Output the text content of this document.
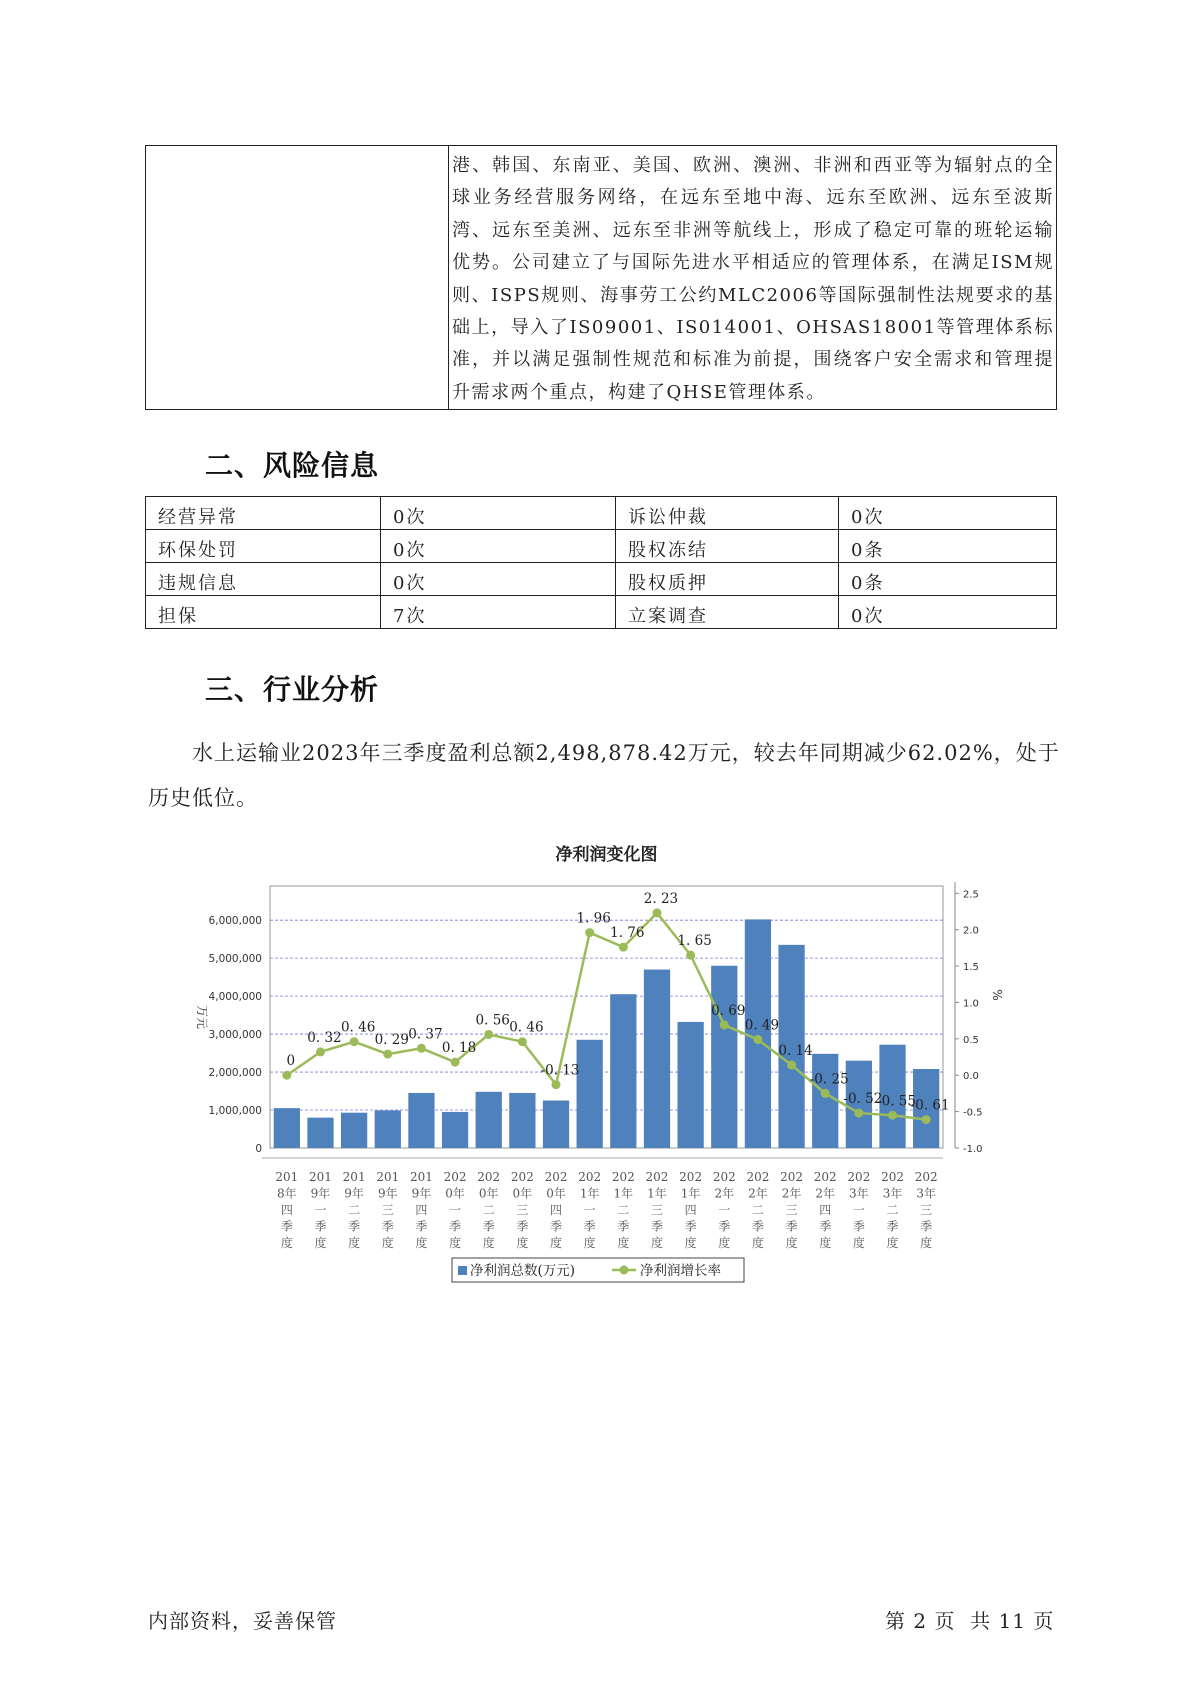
港、韩国、东南亚、美国、欧洲、澳洲、非洲和西亚等为辐射点的全球业务经营服务网络，在远东至地中海、远东至欧洲、远东至波斯湾、远东至美洲、远东至非洲等航线上，形成了稳定可靠的班轮运输优势。公司建立了与国际先进水平相适应的管理体系，在满足ISM规则、ISPS规则、海事劳工公约MLC2006等国际强制性法规要求的基础上，导入了IS09001、IS014001、OHSAS18001等管理体系标准，并以满足强制性规范和标准为前提，围绕客户安全需求和管理提升需求两个重点，构建了QHSE管理体系。
二、风险信息
经营异常	0次	诉讼仲裁	0次
环保处罚	0次	股权冻结	0条
违规信息	0次	股权质押	0条
担保	7次	立案调查	0次
三、行业分析
水上运输业2023年三季度盈利总额2,498,878.42万元，较去年同期减少62.02%，处于历史低位。
净利润变化图
0
1,000,000
2,000,000
3,000,000
4,000,000
5,000,000
6,000,000
-1.0
-0.5
0.0
0.5
1.0
1.5
2.0
2.5
万元
%
0
0. 32
0. 46
0. 29 0. 37
0. 18
0. 56 0. 46
-0. 13
1. 96
1. 76
2. 23
1. 65
0. 69
0. 49
0. 14
-0. 25
-0. 52
-0. 55
-0. 61
201 8年四季度
201 9年一季度
201 9年二季度
201 9年三季度
201 9年四季度
202 0年一季度
202 0年二季度
202 0年三季度
202 0年四季度
202 1年一季度
202 1年二季度
202 1年三季度
202 1年四季度
202 2年一季度
202 2年二季度
202 2年三季度
202 2年四季度
202 3年一季度
202 3年二季度
202 3年三季度
净利润总数(万元)	净利润增长率
内部资料，妥善保管	第 2 页  共 11 页
